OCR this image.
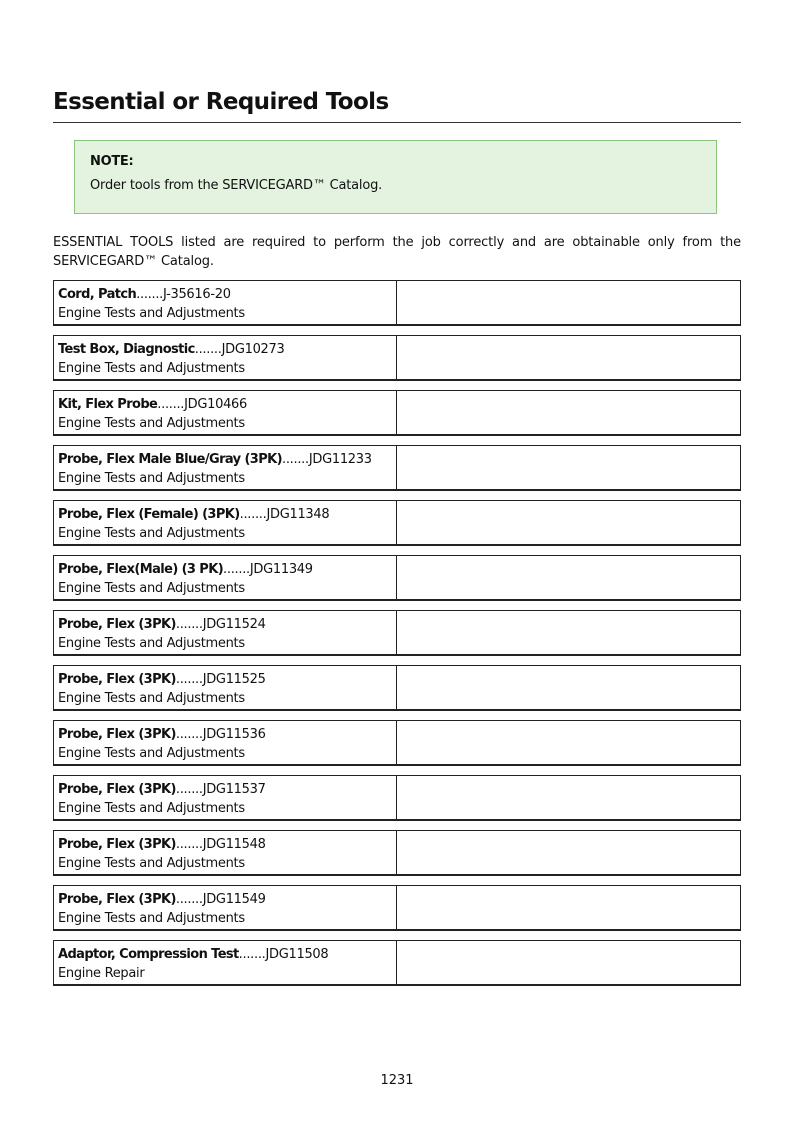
Essential or Required Tools
NOTE:
Order tools from the SERVICEGARD™ Catalog.

ESSENTIAL TOOLS listed are required to perform the job correctly and are obtainable only from the SERVICEGARD™ Catalog.

Cord, Patch.......J-35616-20
Engine Tests and Adjustments
Test Box, Diagnostic.......JDG10273
Engine Tests and Adjustments
Kit, Flex Probe.......JDG10466
Engine Tests and Adjustments
Probe, Flex Male Blue/Gray (3PK).......JDG11233
Engine Tests and Adjustments
Probe, Flex (Female) (3PK).......JDG11348
Engine Tests and Adjustments
Probe, Flex(Male) (3 PK).......JDG11349
Engine Tests and Adjustments
Probe, Flex (3PK).......JDG11524
Engine Tests and Adjustments
Probe, Flex (3PK).......JDG11525
Engine Tests and Adjustments
Probe, Flex (3PK).......JDG11536
Engine Tests and Adjustments
Probe, Flex (3PK).......JDG11537
Engine Tests and Adjustments
Probe, Flex (3PK).......JDG11548
Engine Tests and Adjustments
Probe, Flex (3PK).......JDG11549
Engine Tests and Adjustments
Adaptor, Compression Test.......JDG11508
Engine Repair
1231
